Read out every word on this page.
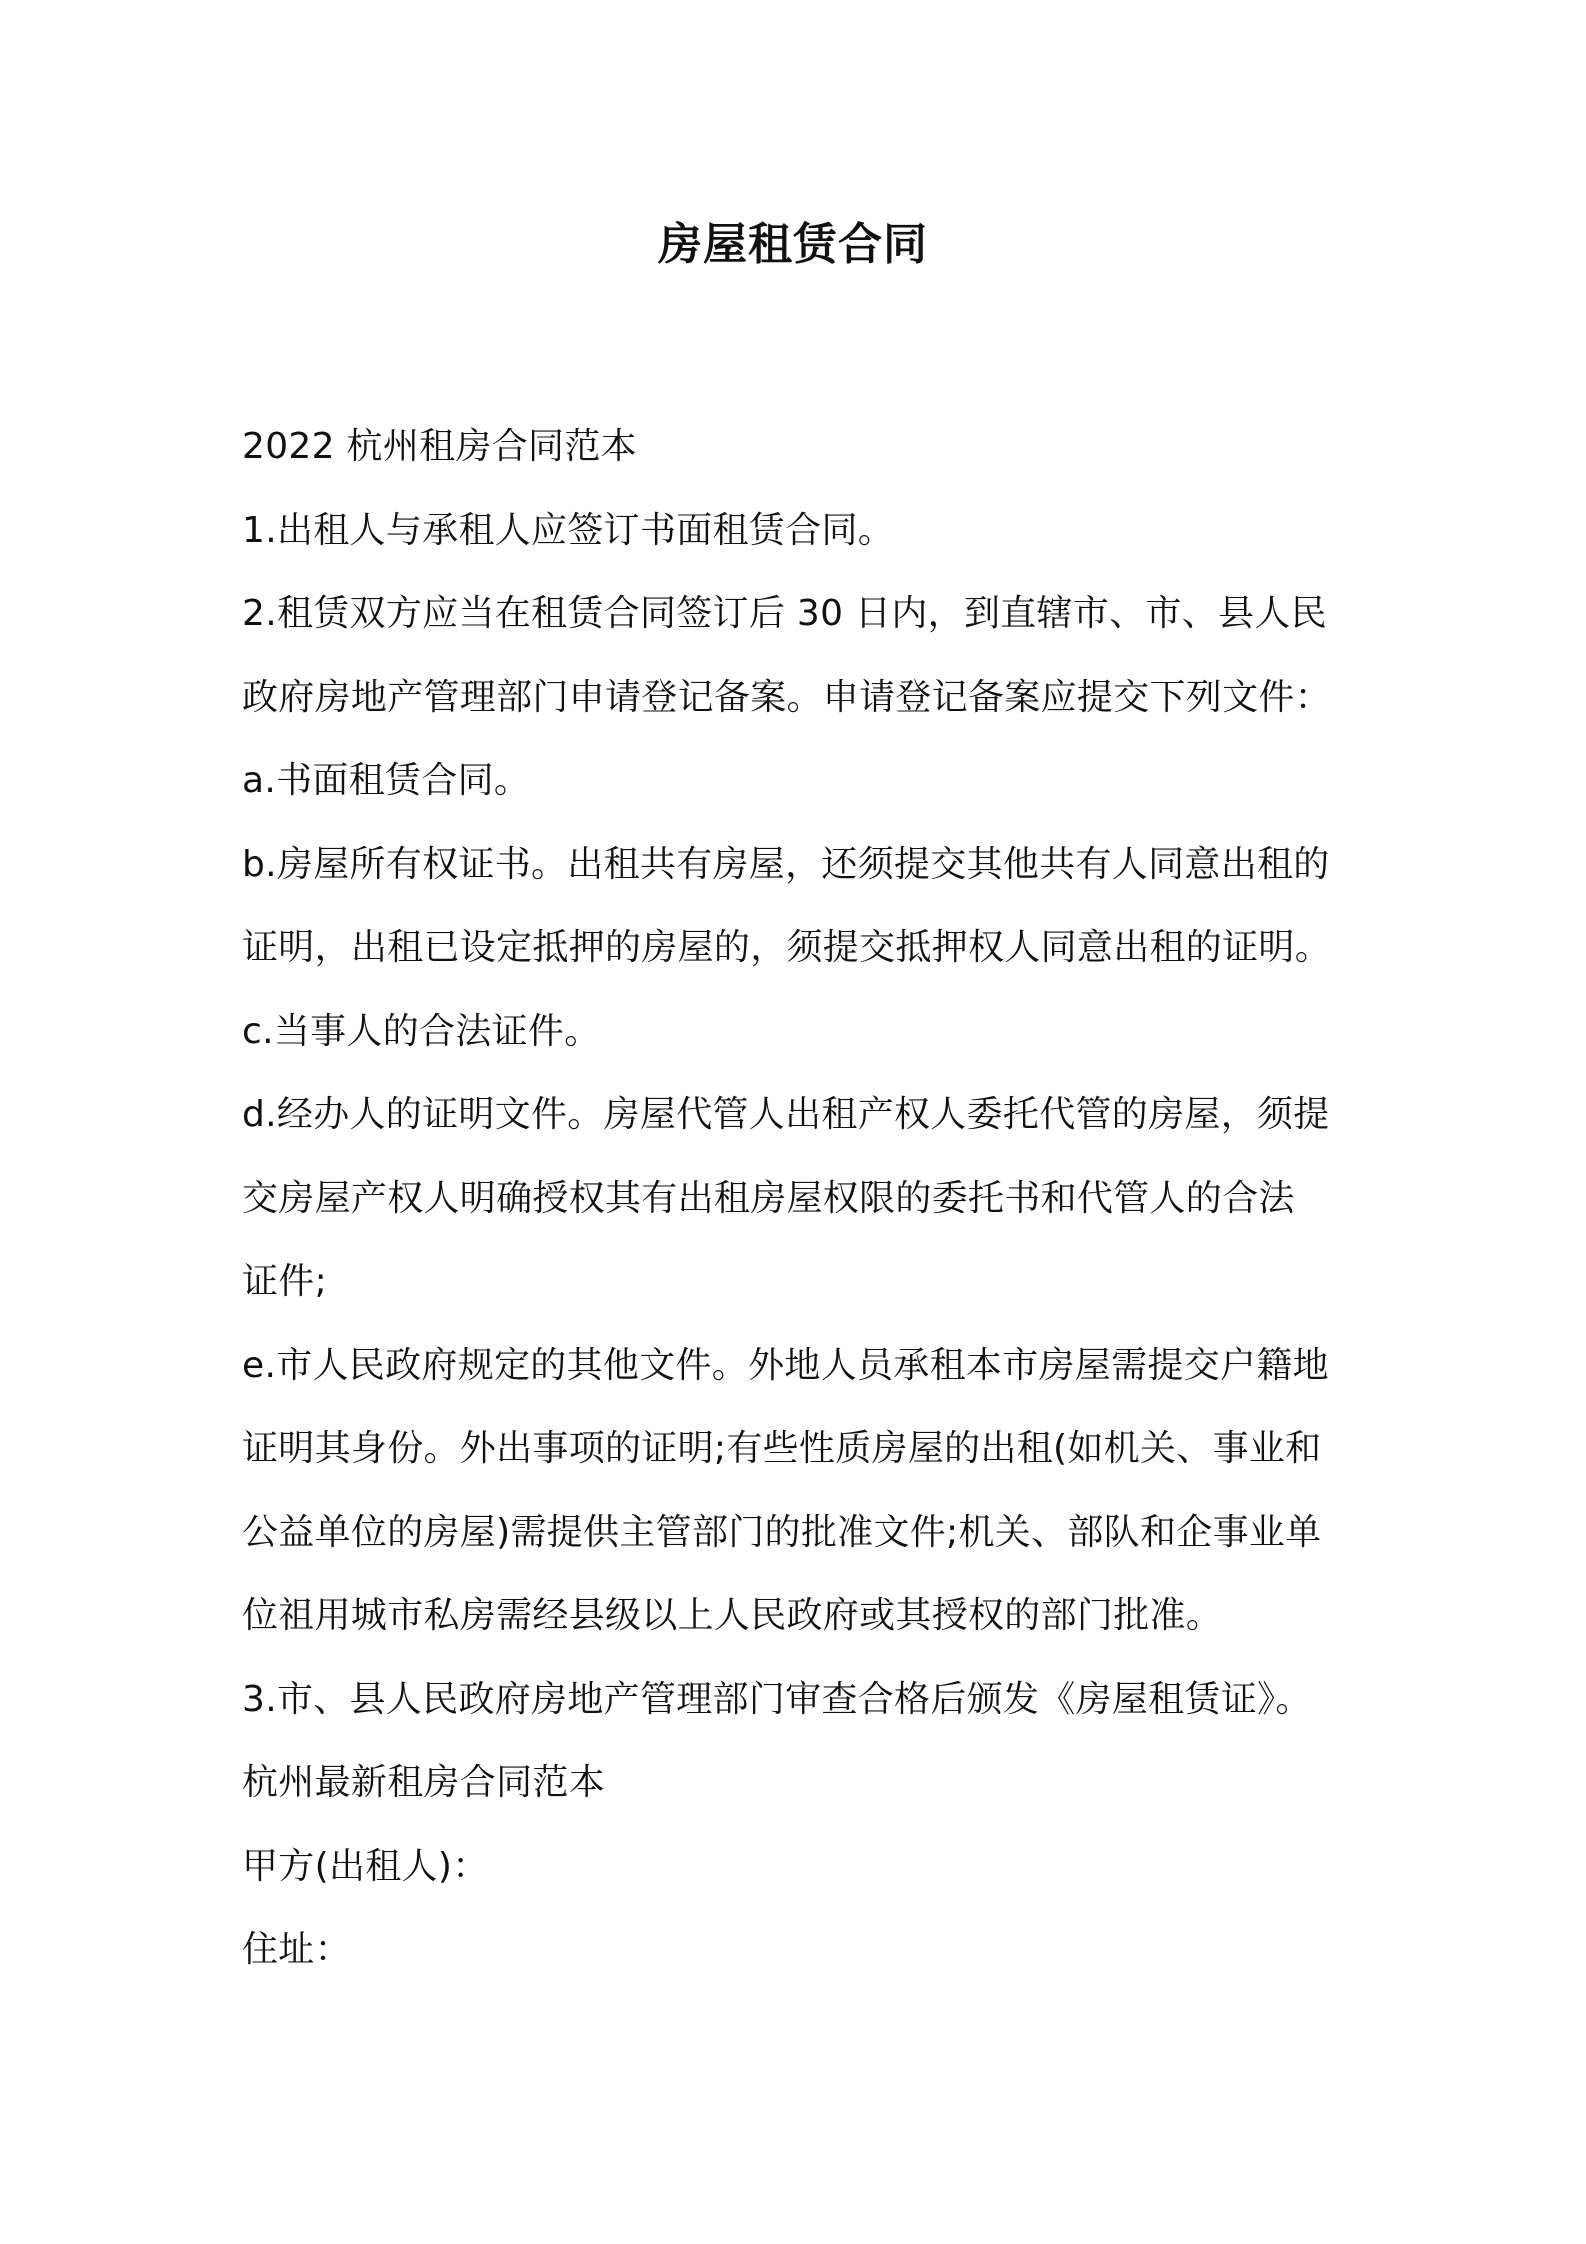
房屋租赁合同

2022 杭州租房合同范本

1.出租人与承租人应签订书面租赁合同。

2.租赁双方应当在租赁合同签订后 30 日内，到直辖市、市、县人民

政府房地产管理部门申请登记备案。申请登记备案应提交下列文件：

a.书面租赁合同。

b.房屋所有权证书。出租共有房屋，还须提交其他共有人同意出租的

证明，出租已设定抵押的房屋的，须提交抵押权人同意出租的证明。

c.当事人的合法证件。

d.经办人的证明文件。房屋代管人出租产权人委托代管的房屋，须提

交房屋产权人明确授权其有出租房屋权限的委托书和代管人的合法

证件;

e.市人民政府规定的其他文件。外地人员承租本市房屋需提交户籍地

证明其身份。外出事项的证明;有些性质房屋的出租(如机关、事业和

公益单位的房屋)需提供主管部门的批准文件;机关、部队和企事业单

位祖用城市私房需经县级以上人民政府或其授权的部门批准。

3.市、县人民政府房地产管理部门审查合格后颁发《房屋租赁证》。

杭州最新租房合同范本

甲方(出租人)：

住址：
